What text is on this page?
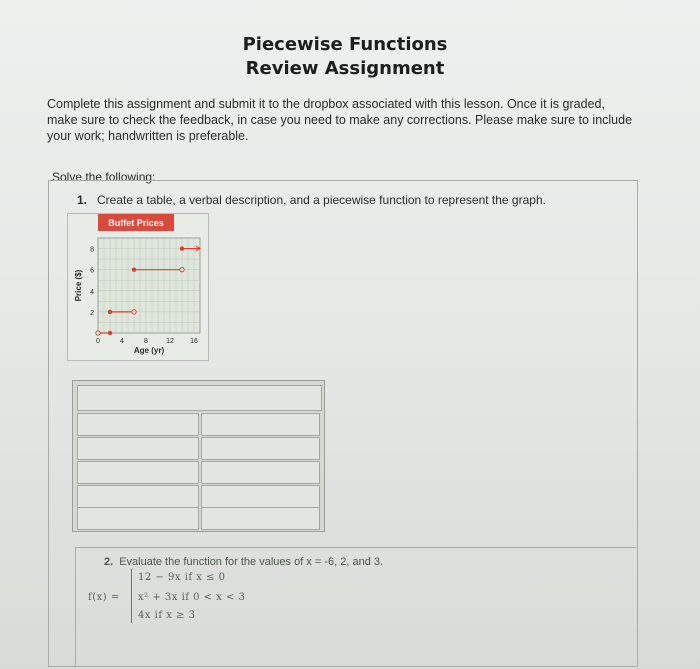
Piecewise Functions
Review Assignment
Complete this assignment and submit it to the dropbox associated with this lesson. Once it is graded, make sure to check the feedback, in case you need to make any corrections. Please make sure to include your work; handwritten is preferable.
Solve the following:
1. Create a table, a verbal description, and a piecewise function to represent the graph.
Buffet Prices
2
4
6
8
0	4	8	12 16
Age (yr)
Price ($)
2. Evaluate the function for the values of x = -6, 2, and 3.
f(x) =
12 − 9x if x ≤ 0
x² + 3x if 0 < x < 3
4x if x ≥ 3
